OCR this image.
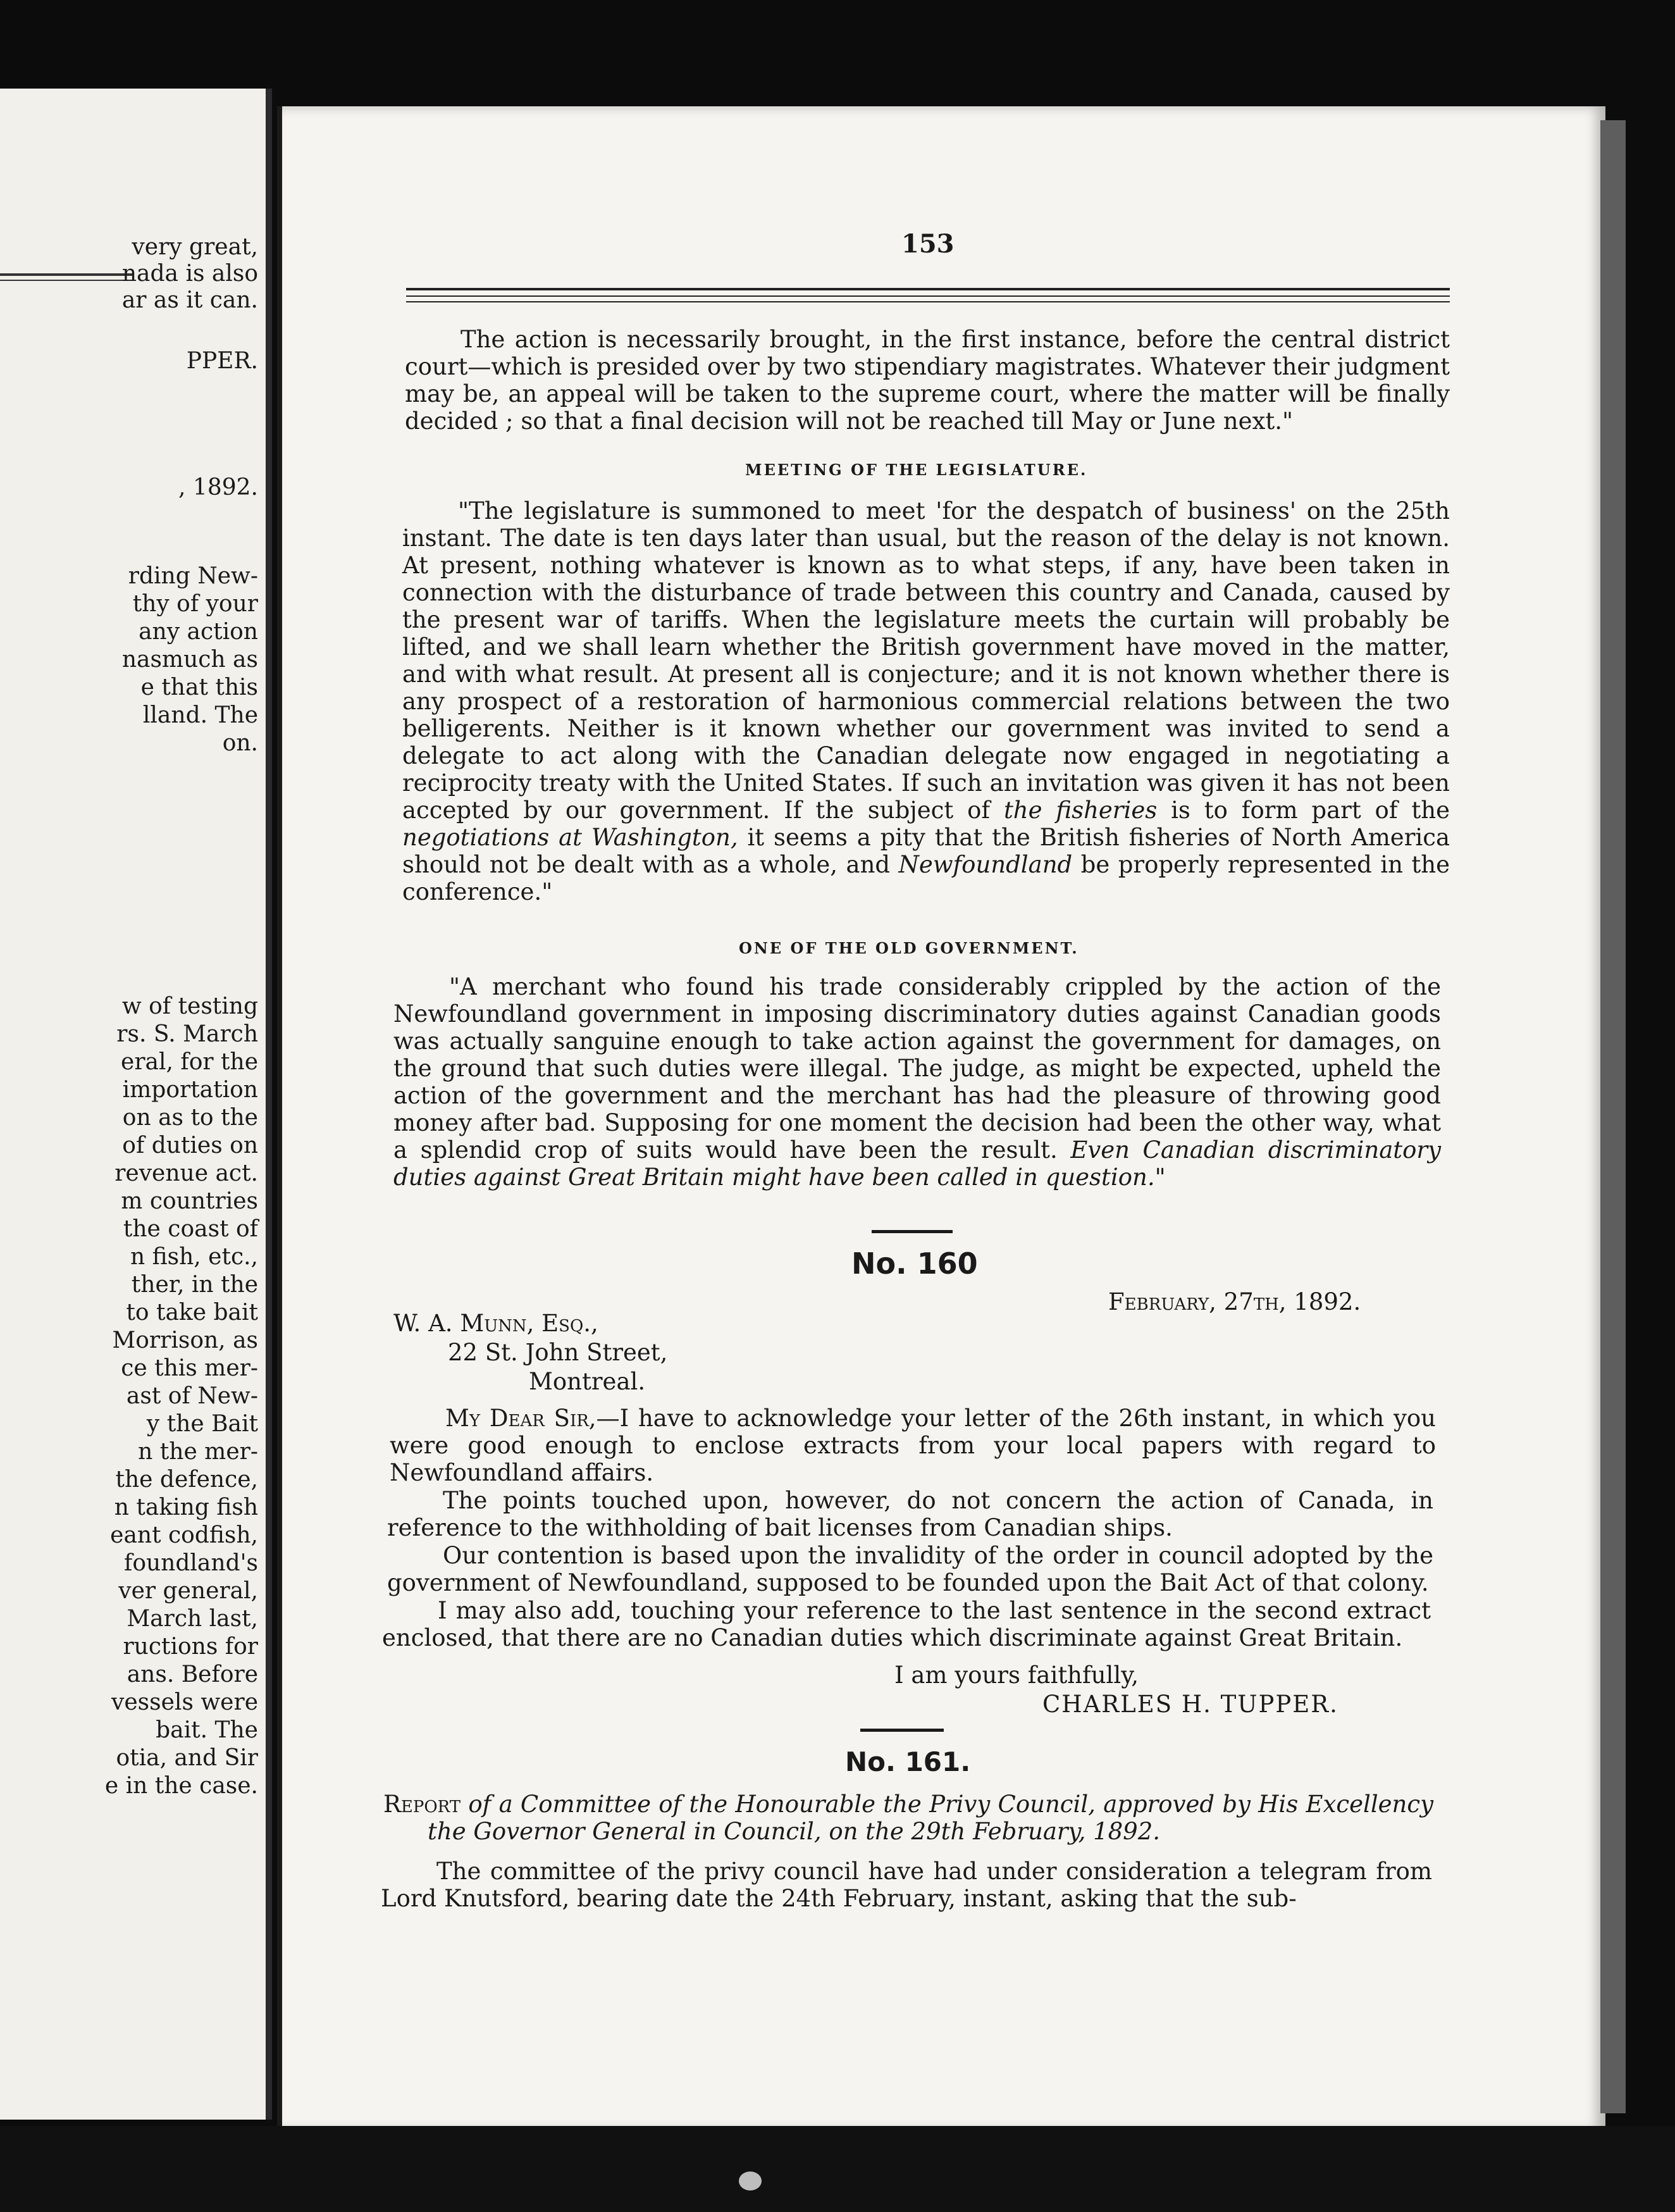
very great,
nada is also
ar as it can.
PPER.
, 1892.
rding New-
thy of your
any action
nasmuch as
e that this
lland. The
on.
w of testing
rs. S. March
eral, for the
importation
on as to the
of duties on
revenue act.
m countries
the coast of
n fish, etc.,
ther, in the
to take bait
Morrison, as
ce this mer-
ast of New-
y the Bait
n the mer-
the defence,
n taking fish
eant codfish,
foundland's
ver general,
March last,
ructions for
ans. Before
vessels were
bait. The
otia, and Sir
e in the case.
153
The action is necessarily brought, in the first instance, before the central district court—which is presided over by two stipendiary magistrates. Whatever their judgment may be, an appeal will be taken to the supreme court, where the matter will be finally decided ; so that a final decision will not be reached till May or June next."
MEETING OF THE LEGISLATURE.
"The legislature is summoned to meet 'for the despatch of business' on the 25th instant. The date is ten days later than usual, but the reason of the delay is not known. At present, nothing whatever is known as to what steps, if any, have been taken in connection with the disturbance of trade between this country and Canada, caused by the present war of tariffs. When the legislature meets the curtain will probably be lifted, and we shall learn whether the British government have moved in the matter, and with what result. At present all is conjecture; and it is not known whether there is any prospect of a restoration of harmonious commercial relations between the two belligerents. Neither is it known whether our government was invited to send a delegate to act along with the Canadian delegate now engaged in negotiating a reciprocity treaty with the United States. If such an invitation was given it has not been accepted by our government. If the subject of the fisheries is to form part of the negotiations at Washington, it seems a pity that the British fisheries of North America should not be dealt with as a whole, and Newfoundland be properly represented in the conference."
ONE OF THE OLD GOVERNMENT.
"A merchant who found his trade considerably crippled by the action of the Newfoundland government in imposing discriminatory duties against Canadian goods was actually sanguine enough to take action against the government for damages, on the ground that such duties were illegal. The judge, as might be expected, upheld the action of the government and the merchant has had the pleasure of throwing good money after bad. Supposing for one moment the decision had been the other way, what a splendid crop of suits would have been the result. Even Canadian discriminatory duties against Great Britain might have been called in question."
No. 160
February, 27th, 1892.
W. A. Munn, Esq.,
22 St. John Street,
Montreal.
My Dear Sir,—I have to acknowledge your letter of the 26th instant, in which you were good enough to enclose extracts from your local papers with regard to Newfoundland affairs.
The points touched upon, however, do not concern the action of Canada, in reference to the withholding of bait licenses from Canadian ships.
Our contention is based upon the invalidity of the order in council adopted by the government of Newfoundland, supposed to be founded upon the Bait Act of that colony.
I may also add, touching your reference to the last sentence in the second extract enclosed, that there are no Canadian duties which discriminate against Great Britain.
I am yours faithfully,
CHARLES H. TUPPER.
No. 161.
Report of a Committee of the Honourable the Privy Council, approved by His Excellency the Governor General in Council, on the 29th February, 1892.
The committee of the privy council have had under consideration a telegram from Lord Knutsford, bearing date the 24th February, instant, asking that the sub-
